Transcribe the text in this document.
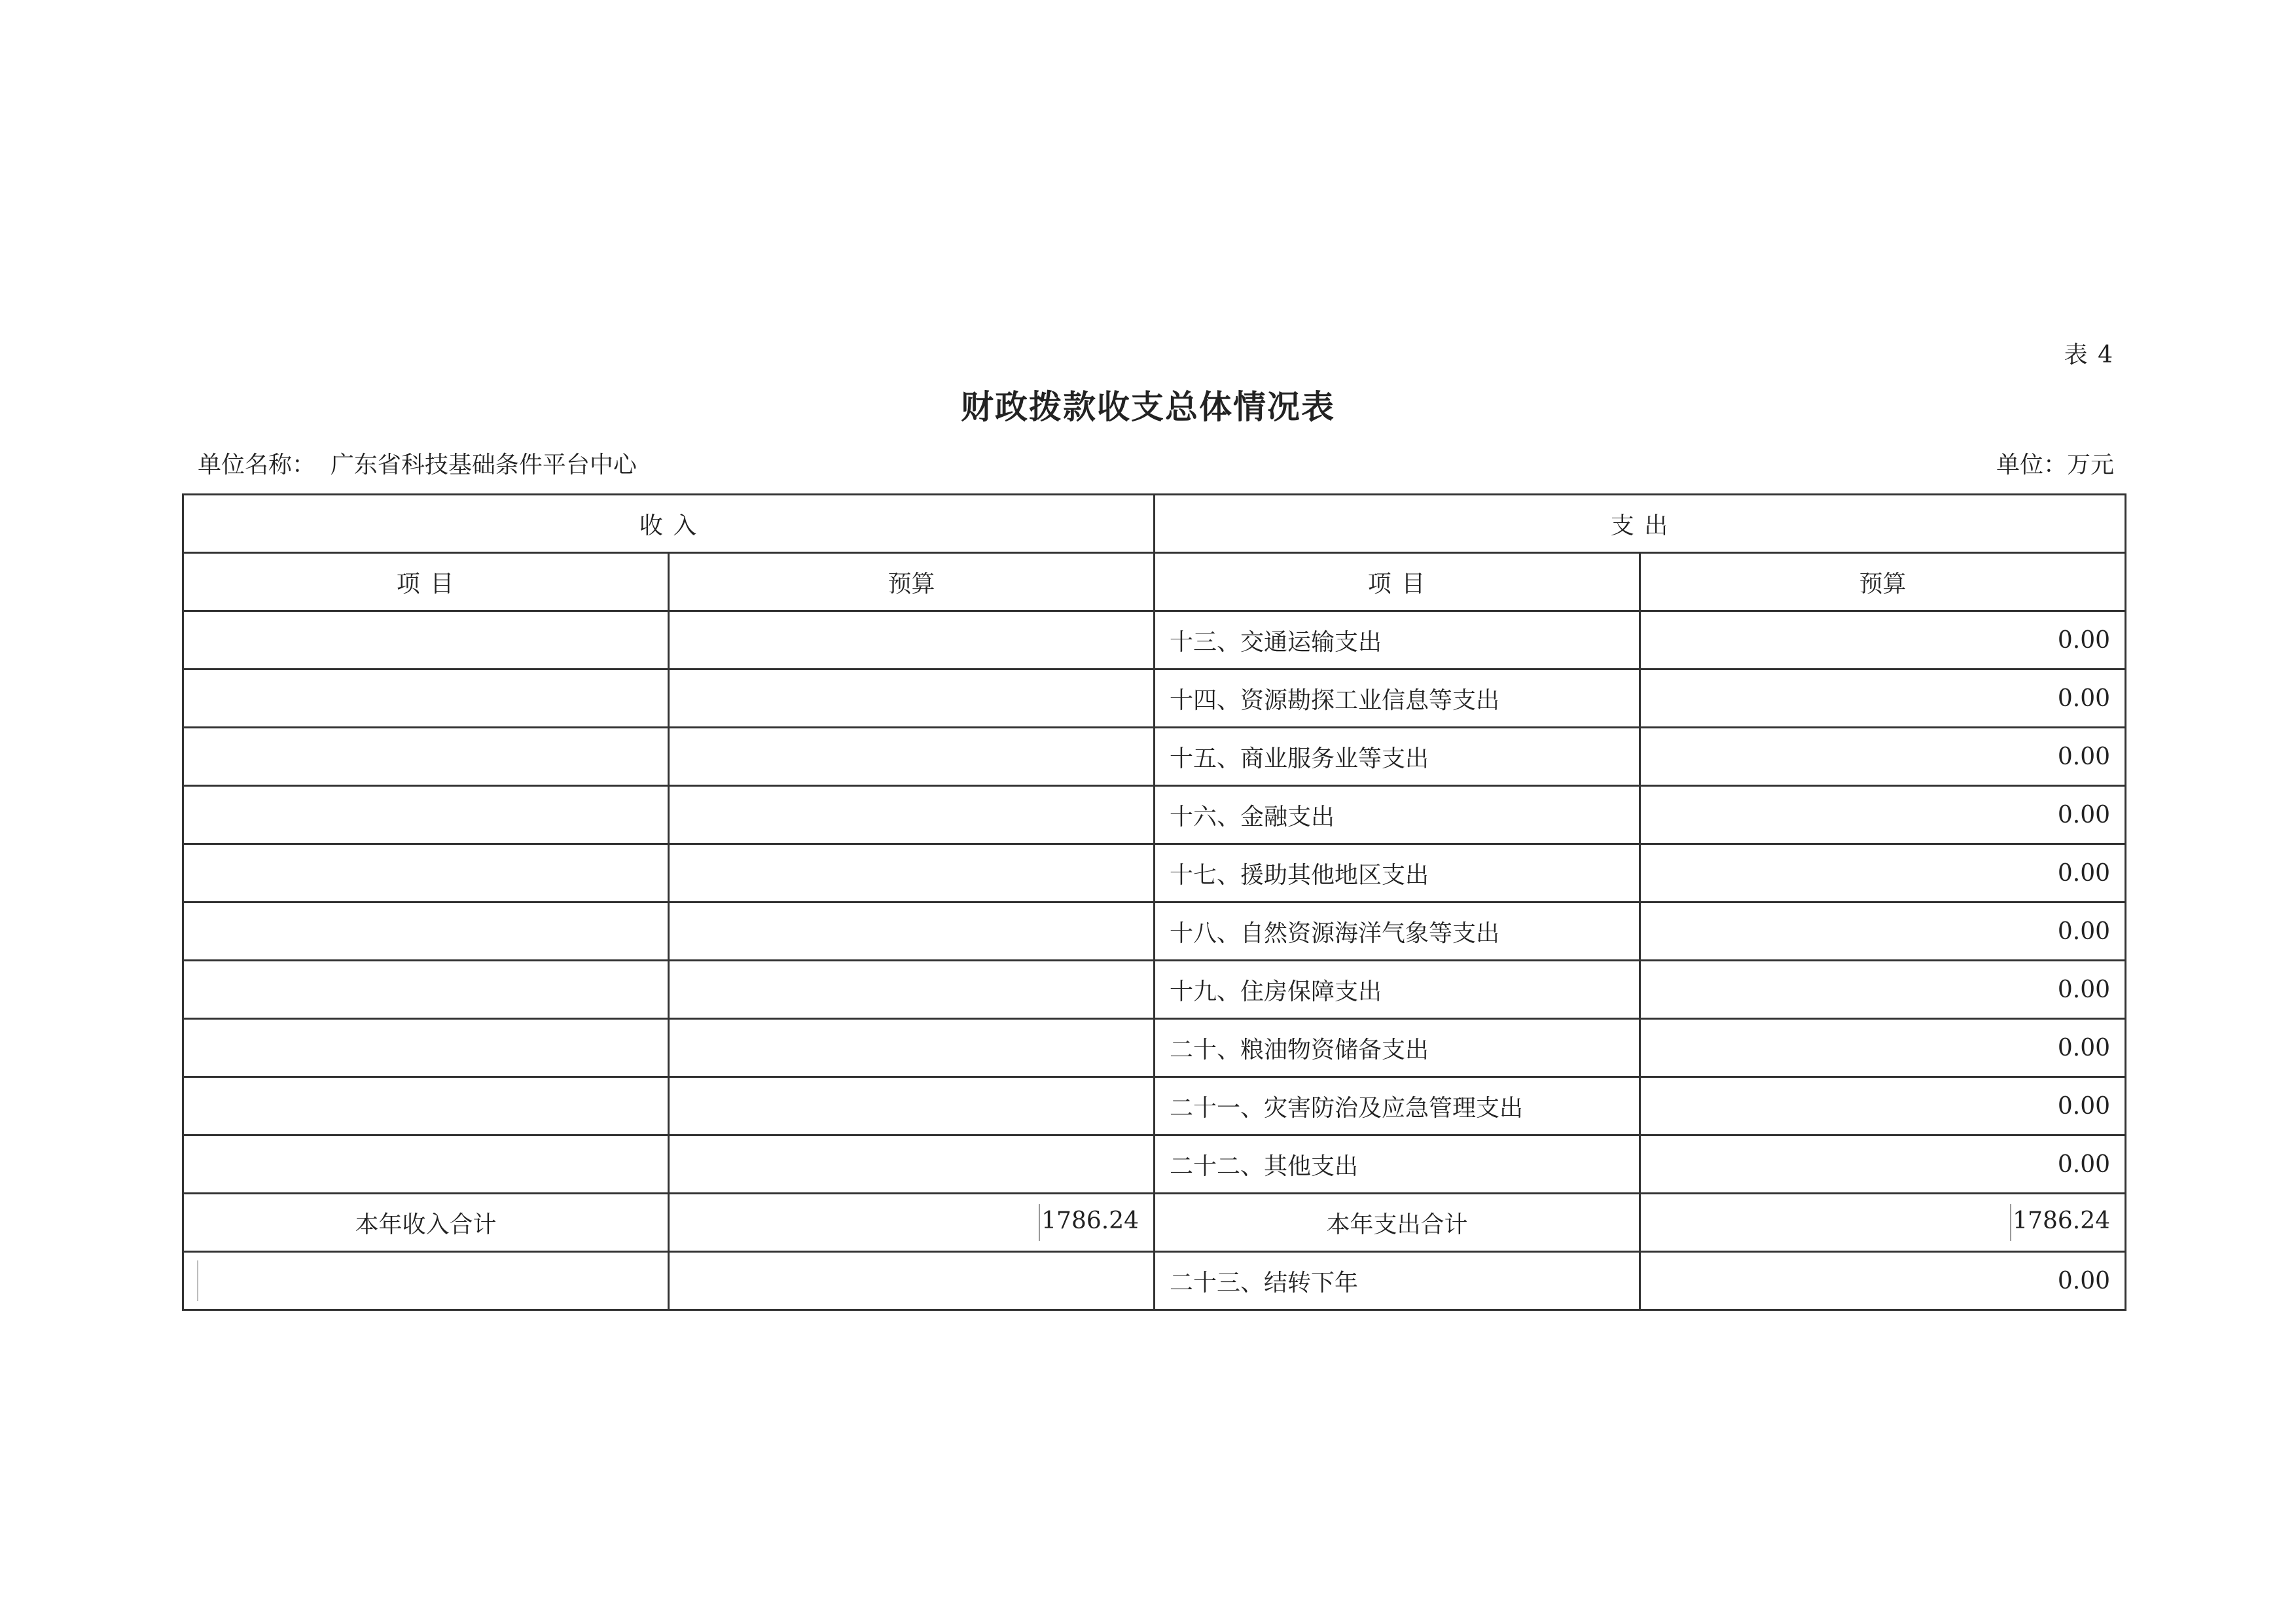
表 4
财政拨款收支总体情况表
单位名称：  广东省科技基础条件平台中心	单位：万元
收 入		支 出	
项 目	预算	项 目	预算
		十三、交通运输支出	0.00
		十四、资源勘探工业信息等支出	0.00
		十五、商业服务业等支出	0.00
		十六、金融支出	0.00
		十七、援助其他地区支出	0.00
		十八、自然资源海洋气象等支出	0.00
		十九、住房保障支出	0.00
		二十、粮油物资储备支出	0.00
		二十一、灾害防治及应急管理支出	0.00
		二十二、其他支出	0.00
本年收入合计	1786.24	本年支出合计	1786.24

		二十三、结转下年	0.00
